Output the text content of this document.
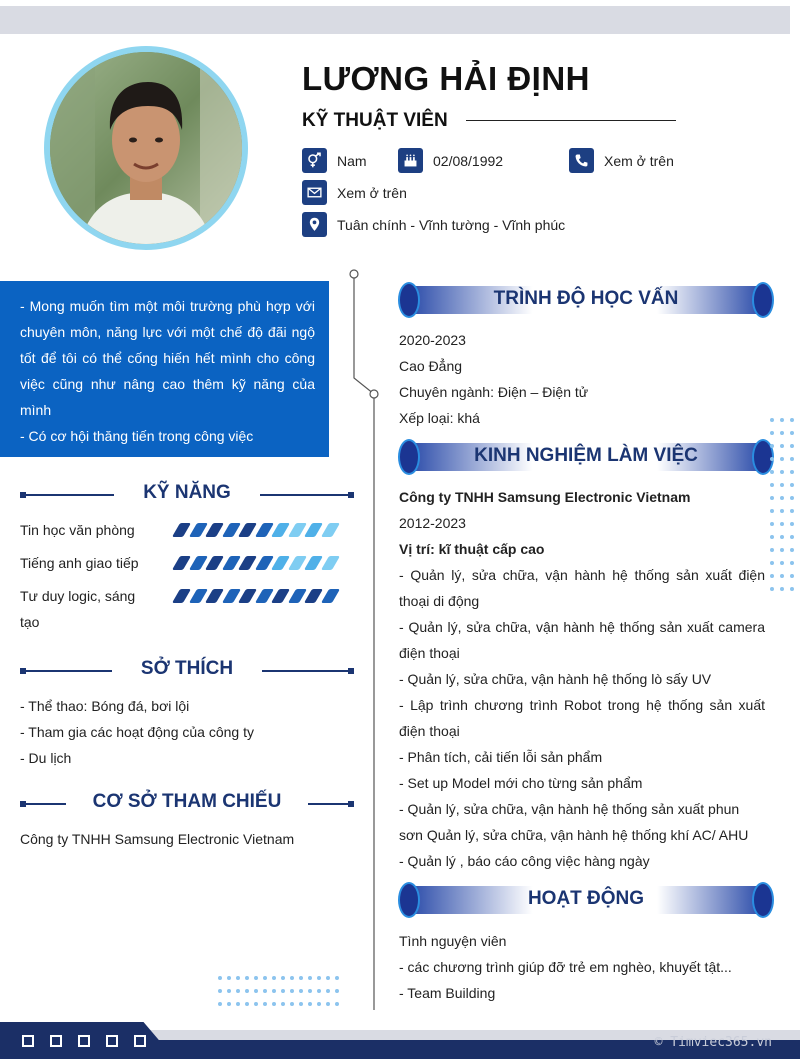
LƯƠNG HẢI ĐỊNH
KỸ THUẬT VIÊN
Nam	02/08/1992	Xem ở trên
Xem ở trên
Tuân chính - Vĩnh tường - Vĩnh phúc

- Mong muốn tìm một môi trường phù hợp với chuyên môn, năng lực với một chế độ đãi ngộ tốt để tôi có thể cống hiến hết mình cho công việc cũng như nâng cao thêm kỹ năng của mình

- Có cơ hội thăng tiến trong công việc

KỸ NĂNG
Tin học văn phòng
Tiếng anh giao tiếp
Tư duy logic, sáng tạo
SỞ THÍCH
- Thể thao: Bóng đá, bơi lội
- Tham gia các hoạt động của công ty
- Du lịch
CƠ SỞ THAM CHIẾU
Công ty TNHH Samsung Electronic Vietnam
TRÌNH ĐỘ HỌC VẤN
2020-2023
Cao Đẳng
Chuyên ngành: Điện – Điện tử
Xếp loại: khá
KINH NGHIỆM LÀM VIỆC
Công ty TNHH Samsung Electronic Vietnam
2012-2023
Vị trí: kĩ thuật cấp cao
- Quản lý, sửa chữa, vận hành hệ thống sản xuất điện thoại di động
- Quản lý, sửa chữa, vận hành hệ thống sản xuất camera điện thoại
- Quản lý, sửa chữa, vận hành hệ thống lò sấy UV
- Lập trình chương trình Robot trong hệ thống sản xuất điện thoại
- Phân tích, cải tiến lỗi sản phẩm
- Set up Model mới cho từng sản phẩm
- Quản lý, sửa chữa, vận hành hệ thống sản xuất phun sơn Quản lý, sửa chữa, vận hành hệ thống khí AC/ AHU
- Quản lý , báo cáo công việc hàng ngày
HOẠT ĐỘNG
Tình nguyện viên
- các chương trình giúp đỡ trẻ em nghèo, khuyết tật...
- Team Building
© Timviec365.vn
